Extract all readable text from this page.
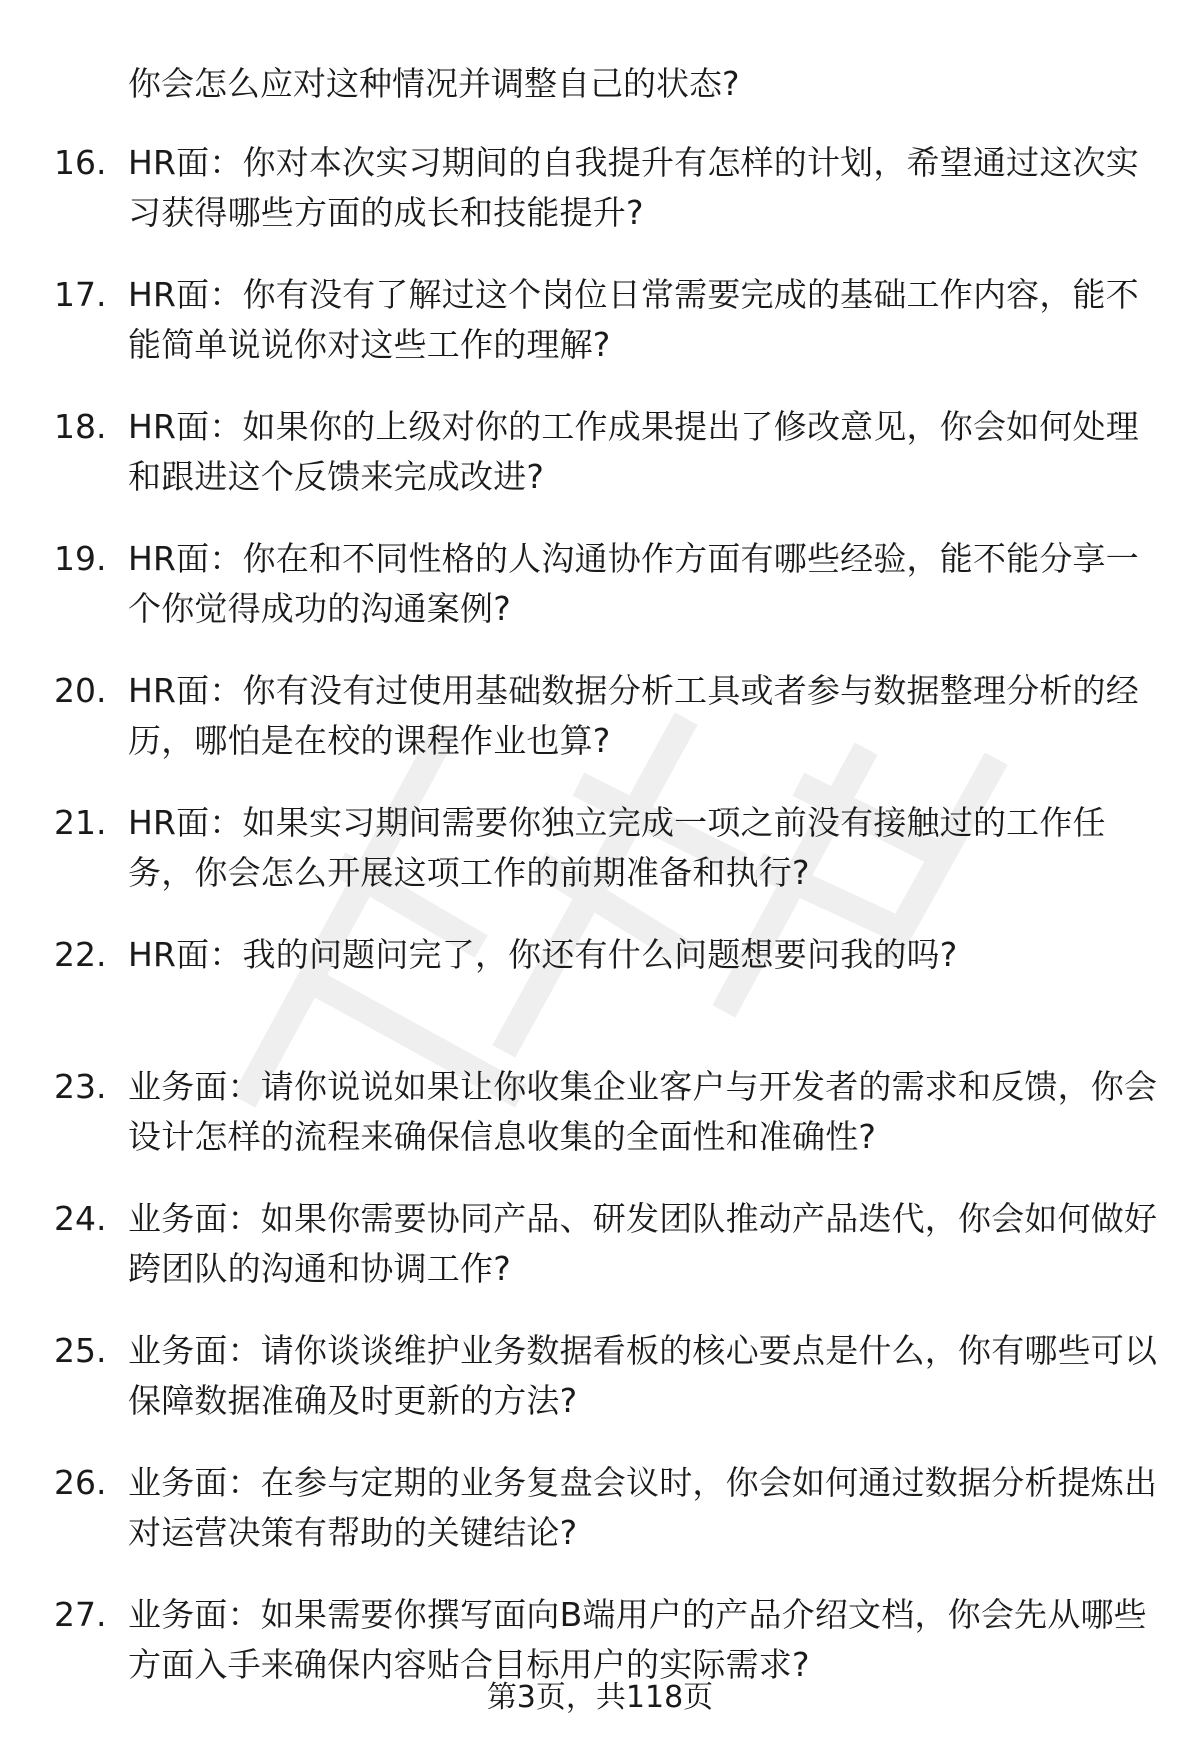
你会怎么应对这种情况并调整自己的状态?
16. HR面：你对本次实习期间的自我提升有怎样的计划，希望通过这次实习获得哪些方面的成长和技能提升?
17. HR面：你有没有了解过这个岗位日常需要完成的基础工作内容，能不能简单说说你对这些工作的理解?
18. HR面：如果你的上级对你的工作成果提出了修改意见，你会如何处理和跟进这个反馈来完成改进?
19. HR面：你在和不同性格的人沟通协作方面有哪些经验，能不能分享一个你觉得成功的沟通案例?
20. HR面：你有没有过使用基础数据分析工具或者参与数据整理分析的经历，哪怕是在校的课程作业也算?
21. HR面：如果实习期间需要你独立完成一项之前没有接触过的工作任务，你会怎么开展这项工作的前期准备和执行?
22. HR面：我的问题问完了，你还有什么问题想要问我的吗?
23. 业务面：请你说说如果让你收集企业客户与开发者的需求和反馈，你会设计怎样的流程来确保信息收集的全面性和准确性?
24. 业务面：如果你需要协同产品、研发团队推动产品迭代，你会如何做好跨团队的沟通和协调工作?
25. 业务面：请你谈谈维护业务数据看板的核心要点是什么，你有哪些可以保障数据准确及时更新的方法?
26. 业务面：在参与定期的业务复盘会议时，你会如何通过数据分析提炼出对运营决策有帮助的关键结论?
27. 业务面：如果需要你撰写面向B端用户的产品介绍文档，你会先从哪些方面入手来确保内容贴合目标用户的实际需求?
第3页，共118页
